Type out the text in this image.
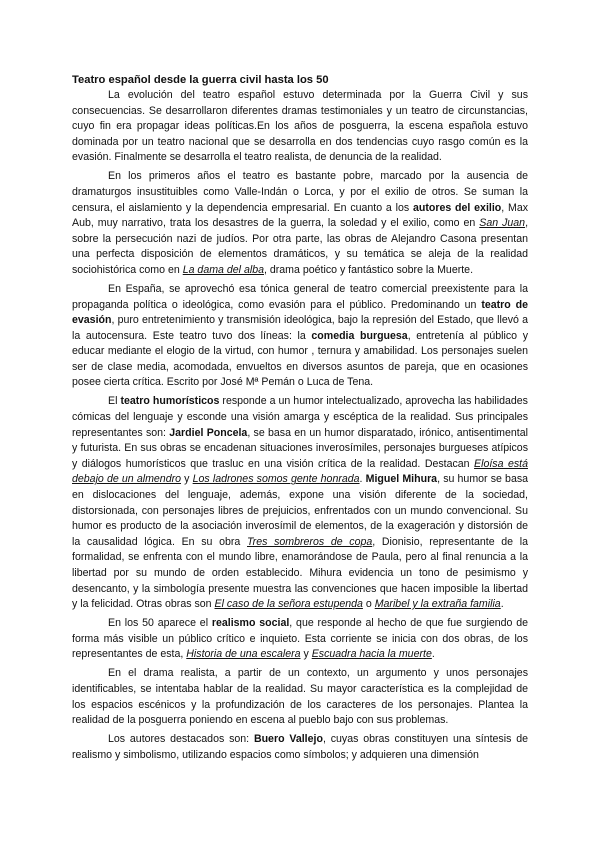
Teatro español desde la guerra civil hasta los 50

La evolución del teatro español estuvo determinada por la Guerra Civil y sus consecuencias. Se desarrollaron diferentes dramas testimoniales y un teatro de circunstancias, cuyo fin era propagar ideas políticas.En los años de posguerra, la escena española estuvo dominada por un teatro nacional que se desarrolla en dos tendencias cuyo rasgo común es la evasión. Finalmente se desarrolla el teatro realista, de denuncia de la realidad.

En los primeros años el teatro es bastante pobre, marcado por la ausencia de dramaturgos insustituibles como Valle-Indán o Lorca, y por el exilio de otros. Se suman la censura, el aislamiento y la dependencia empresarial. En cuanto a los autores del exilio, Max Aub, muy narrativo, trata los desastres de la guerra, la soledad y el exilio, como en San Juan, sobre la persecución nazi de judíos. Por otra parte, las obras de Alejandro Casona presentan una perfecta disposición de elementos dramáticos, y su temática se aleja de la realidad sociohistórica como en La dama del alba, drama poético y fantástico sobre la Muerte.

En España, se aprovechó esa tónica general de teatro comercial preexistente para la propaganda política o ideológica, como evasión para el público. Predominando un teatro de evasión, puro entretenimiento y transmisión ideológica, bajo la represión del Estado, que llevó a la autocensura. Este teatro tuvo dos líneas: la comedia burguesa, entretenía al público y educar mediante el elogio de la virtud, con humor , ternura y amabilidad. Los personajes suelen ser de clase media, acomodada, envueltos en diversos asuntos de pareja, que en ocasiones posee cierta crítica. Escrito por José Mª Pemán o Luca de Tena.

El teatro humorísticos responde a un humor intelectualizado, aprovecha las habilidades cómicas del lenguaje y esconde una visión amarga y escéptica de la realidad. Sus principales representantes son: Jardiel Poncela, se basa en un humor disparatado, irónico, antisentimental y futurista. En sus obras se encadenan situaciones inverosímiles, personajes burgueses atípicos y diálogos humorísticos que trasluc en una visión crítica de la realidad. Destacan Eloísa está debajo de un almendro y Los ladrones somos gente honrada. Miguel Mihura, su humor se basa en dislocaciones del lenguaje, además, expone una visión diferente de la sociedad, distorsionada, con personajes libres de prejuicios, enfrentados con un mundo convencional. Su humor es producto de la asociación inverosímil de elementos, de la exageración y distorsión de la causalidad lógica. En su obra Tres sombreros de copa, Dionisio, representante de la formalidad, se enfrenta con el mundo libre, enamorándose de Paula, pero al final renuncia a la libertad por su mundo de orden establecido. Mihura evidencia un tono de pesimismo y desencanto, y la simbología presente muestra las convenciones que hacen imposible la libertad y la felicidad. Otras obras son El caso de la señora estupenda o Maribel y la extraña familia.

En los 50 aparece el realismo social, que responde al hecho de que fue surgiendo de forma más visible un público crítico e inquieto. Esta corriente se inicia con dos obras, de los representantes de esta, Historia de una escalera y Escuadra hacia la muerte.

En el drama realista, a partir de un contexto, un argumento y unos personajes identificables, se intentaba hablar de la realidad. Su mayor característica es la complejidad de los espacios escénicos y la profundización de los caracteres de los personajes. Plantea la realidad de la posguerra poniendo en escena al pueblo bajo con sus problemas.

Los autores destacados son: Buero Vallejo, cuyas obras constituyen una síntesis de realismo y simbolismo, utilizando espacios como símbolos; y adquieren una dimensión
